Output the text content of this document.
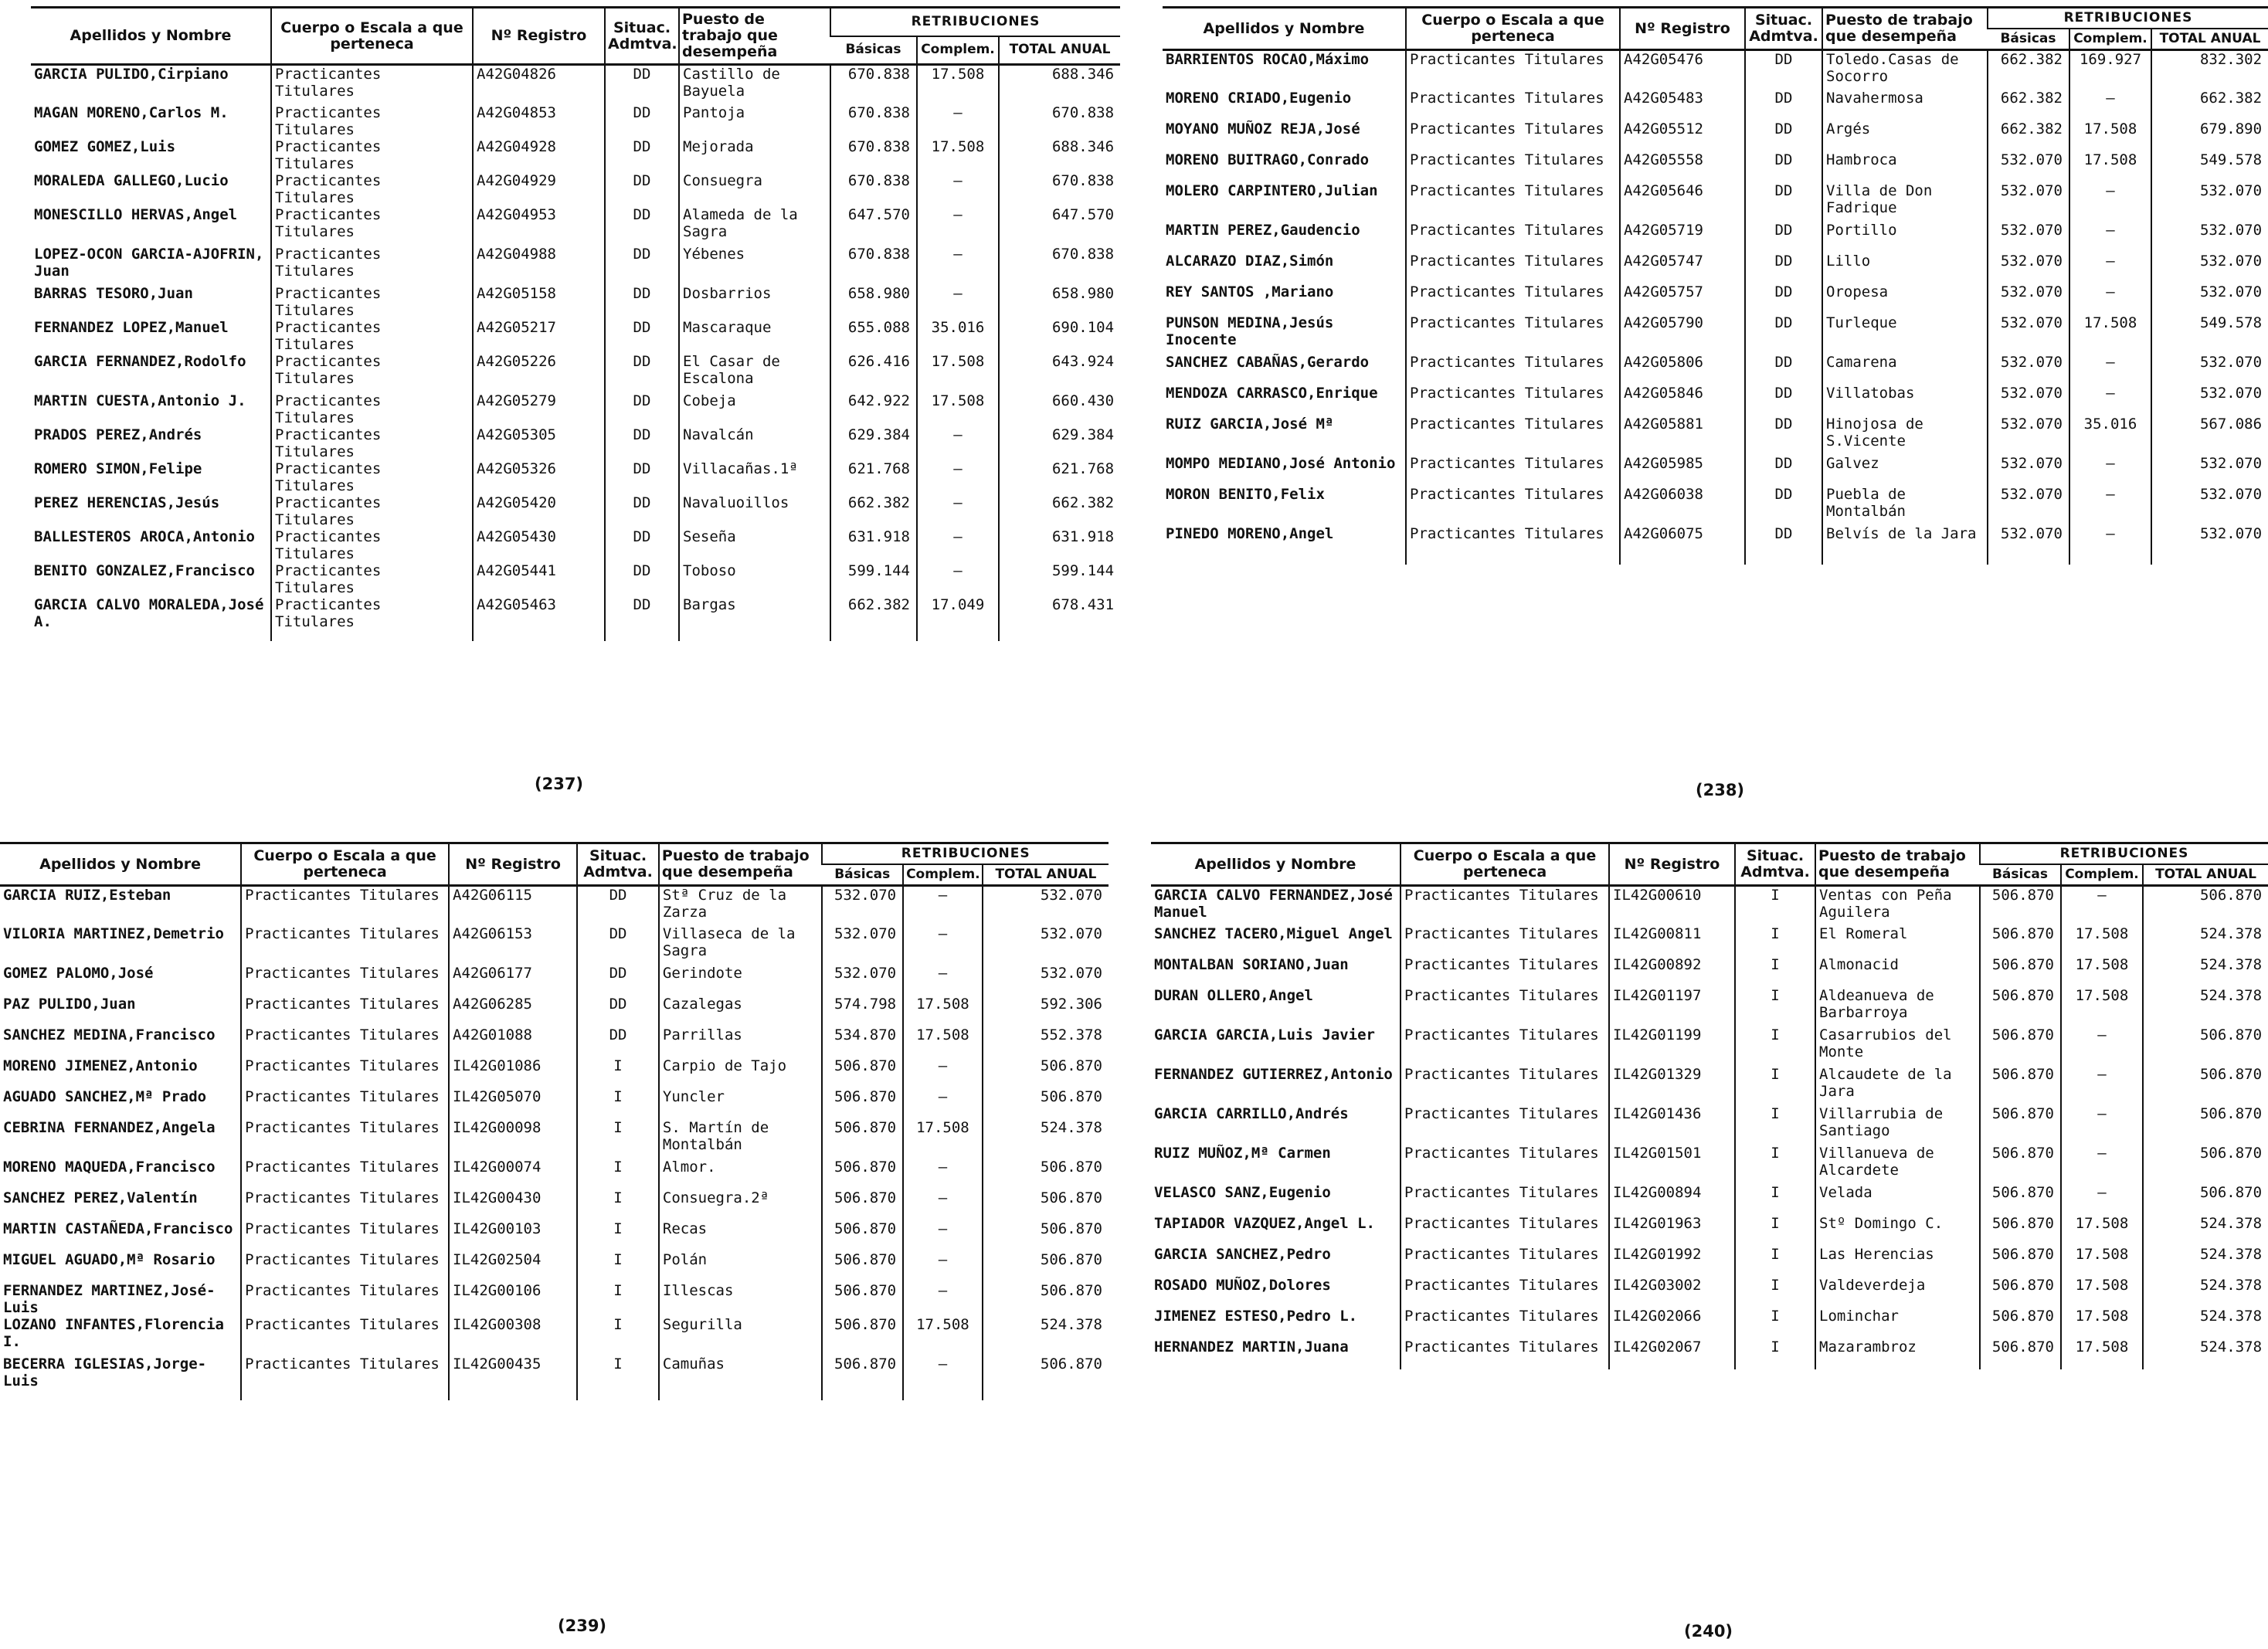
Apellidos y Nombre	Cuerpo o Escala a que perteneca	Nº Registro	Situac. Admtva.	Puesto de trabajo que desempeña	RETRIBUCIONES		
					Básicas	Complem.	TOTAL ANUAL
GARCIA PULIDO,Cirpiano	Practicantes Titulares	A42G04826	DD	Castillo de Bayuela	670.838	17.508	688.346
MAGAN MORENO,Carlos M.	Practicantes Titulares	A42G04853	DD	Pantoja	670.838	–	670.838
GOMEZ GOMEZ,Luis	Practicantes Titulares	A42G04928	DD	Mejorada	670.838	17.508	688.346
MORALEDA GALLEGO,Lucio	Practicantes Titulares	A42G04929	DD	Consuegra	670.838	–	670.838
MONESCILLO HERVAS,Angel	Practicantes Titulares	A42G04953	DD	Alameda de la Sagra	647.570	–	647.570
LOPEZ-OCON GARCIA-AJOFRIN, Juan	Practicantes Titulares	A42G04988	DD	Yébenes	670.838	–	670.838
BARRAS TESORO,Juan	Practicantes Titulares	A42G05158	DD	Dosbarrios	658.980	–	658.980
FERNANDEZ LOPEZ,Manuel	Practicantes Titulares	A42G05217	DD	Mascaraque	655.088	35.016	690.104
GARCIA FERNANDEZ,Rodolfo	Practicantes Titulares	A42G05226	DD	El Casar de Escalona	626.416	17.508	643.924
MARTIN CUESTA,Antonio J.	Practicantes Titulares	A42G05279	DD	Cobeja	642.922	17.508	660.430
PRADOS PEREZ,Andrés	Practicantes Titulares	A42G05305	DD	Navalcán	629.384	–	629.384
ROMERO SIMON,Felipe	Practicantes Titulares	A42G05326	DD	Villacañas.1ª	621.768	–	621.768
PEREZ HERENCIAS,Jesús	Practicantes Titulares	A42G05420	DD	Navaluoillos	662.382	–	662.382
BALLESTEROS AROCA,Antonio	Practicantes Titulares	A42G05430	DD	Seseña	631.918	–	631.918
BENITO GONZALEZ,Francisco	Practicantes Titulares	A42G05441	DD	Toboso	599.144	–	599.144
GARCIA CALVO MORALEDA,José A.	Practicantes Titulares	A42G05463	DD	Bargas	662.382	17.049	678.431
(237)
Apellidos y Nombre	Cuerpo o Escala a que perteneca	Nº Registro	Situac. Admtva.	Puesto de trabajo que desempeña	RETRIBUCIONES		
					Básicas	Complem.	TOTAL ANUAL
BARRIENTOS ROCAO,Máximo	Practicantes Titulares	A42G05476	DD	Toledo.Casas de Socorro	662.382	169.927	832.302
MORENO CRIADO,Eugenio	Practicantes Titulares	A42G05483	DD	Navahermosa	662.382	–	662.382
MOYANO MUÑOZ REJA,José	Practicantes Titulares	A42G05512	DD	Argés	662.382	17.508	679.890
MORENO BUITRAGO,Conrado	Practicantes Titulares	A42G05558	DD	Hambroca	532.070	17.508	549.578
MOLERO CARPINTERO,Julian	Practicantes Titulares	A42G05646	DD	Villa de Don Fadrique	532.070	–	532.070
MARTIN PEREZ,Gaudencio	Practicantes Titulares	A42G05719	DD	Portillo	532.070	–	532.070
ALCARAZO DIAZ,Simón	Practicantes Titulares	A42G05747	DD	Lillo	532.070	–	532.070
REY SANTOS ,Mariano	Practicantes Titulares	A42G05757	DD	Oropesa	532.070	–	532.070
PUNSON MEDINA,Jesús Inocente	Practicantes Titulares	A42G05790	DD	Turleque	532.070	17.508	549.578
SANCHEZ CABAÑAS,Gerardo	Practicantes Titulares	A42G05806	DD	Camarena	532.070	–	532.070
MENDOZA CARRASCO,Enrique	Practicantes Titulares	A42G05846	DD	Villatobas	532.070	–	532.070
RUIZ GARCIA,José Mª	Practicantes Titulares	A42G05881	DD	Hinojosa de S.Vicente	532.070	35.016	567.086
MOMPO MEDIANO,José Antonio	Practicantes Titulares	A42G05985	DD	Galvez	532.070	–	532.070
MORON BENITO,Felix	Practicantes Titulares	A42G06038	DD	Puebla de Montalbán	532.070	–	532.070
PINEDO MORENO,Angel	Practicantes Titulares	A42G06075	DD	Belvís de la Jara	532.070	–	532.070
(238)
Apellidos y Nombre	Cuerpo o Escala a que perteneca	Nº Registro	Situac. Admtva.	Puesto de trabajo que desempeña	RETRIBUCIONES		
					Básicas	Complem.	TOTAL ANUAL
GARCIA RUIZ,Esteban	Practicantes Titulares	A42G06115	DD	Stª Cruz de la Zarza	532.070	–	532.070
VILORIA MARTINEZ,Demetrio	Practicantes Titulares	A42G06153	DD	Villaseca de la Sagra	532.070	–	532.070
GOMEZ PALOMO,José	Practicantes Titulares	A42G06177	DD	Gerindote	532.070	–	532.070
PAZ PULIDO,Juan	Practicantes Titulares	A42G06285	DD	Cazalegas	574.798	17.508	592.306
SANCHEZ MEDINA,Francisco	Practicantes Titulares	A42G01088	DD	Parrillas	534.870	17.508	552.378
MORENO JIMENEZ,Antonio	Practicantes Titulares	IL42G01086	I	Carpio de Tajo	506.870	–	506.870
AGUADO SANCHEZ,Mª Prado	Practicantes Titulares	IL42G05070	I	Yuncler	506.870	–	506.870
CEBRINA FERNANDEZ,Angela	Practicantes Titulares	IL42G00098	I	S. Martín de Montalbán	506.870	17.508	524.378
MORENO MAQUEDA,Francisco	Practicantes Titulares	IL42G00074	I	Almor.	506.870	–	506.870
SANCHEZ PEREZ,Valentín	Practicantes Titulares	IL42G00430	I	Consuegra.2ª	506.870	–	506.870
MARTIN CASTAÑEDA,Francisco	Practicantes Titulares	IL42G00103	I	Recas	506.870	–	506.870
MIGUEL AGUADO,Mª Rosario	Practicantes Titulares	IL42G02504	I	Polán	506.870	–	506.870
FERNANDEZ MARTINEZ,José-Luis	Practicantes Titulares	IL42G00106	I	Illescas	506.870	–	506.870
LOZANO INFANTES,Florencia I.	Practicantes Titulares	IL42G00308	I	Segurilla	506.870	17.508	524.378
BECERRA IGLESIAS,Jorge-Luis	Practicantes Titulares	IL42G00435	I	Camuñas	506.870	–	506.870
(239)
Apellidos y Nombre	Cuerpo o Escala a que perteneca	Nº Registro	Situac. Admtva.	Puesto de trabajo que desempeña	RETRIBUCIONES		
					Básicas	Complem.	TOTAL ANUAL
GARCIA CALVO FERNANDEZ,José Manuel	Practicantes Titulares	IL42G00610	I	Ventas con Peña Aguilera	506.870	–	506.870
SANCHEZ TACERO,Miguel Angel	Practicantes Titulares	IL42G00811	I	El Romeral	506.870	17.508	524.378
MONTALBAN SORIANO,Juan	Practicantes Titulares	IL42G00892	I	Almonacid	506.870	17.508	524.378
DURAN OLLERO,Angel	Practicantes Titulares	IL42G01197	I	Aldeanueva de Barbarroya	506.870	17.508	524.378
GARCIA GARCIA,Luis Javier	Practicantes Titulares	IL42G01199	I	Casarrubios del Monte	506.870	–	506.870
FERNANDEZ GUTIERREZ,Antonio	Practicantes Titulares	IL42G01329	I	Alcaudete de la Jara	506.870	–	506.870
GARCIA CARRILLO,Andrés	Practicantes Titulares	IL42G01436	I	Villarrubia de Santiago	506.870	–	506.870
RUIZ MUÑOZ,Mª Carmen	Practicantes Titulares	IL42G01501	I	Villanueva de Alcardete	506.870	–	506.870
VELASCO SANZ,Eugenio	Practicantes Titulares	IL42G00894	I	Velada	506.870	–	506.870
TAPIADOR VAZQUEZ,Angel L.	Practicantes Titulares	IL42G01963	I	Stº Domingo C.	506.870	17.508	524.378
GARCIA SANCHEZ,Pedro	Practicantes Titulares	IL42G01992	I	Las Herencias	506.870	17.508	524.378
ROSADO MUÑOZ,Dolores	Practicantes Titulares	IL42G03002	I	Valdeverdeja	506.870	17.508	524.378
JIMENEZ ESTESO,Pedro L.	Practicantes Titulares	IL42G02066	I	Lominchar	506.870	17.508	524.378
HERNANDEZ MARTIN,Juana	Practicantes Titulares	IL42G02067	I	Mazarambroz	506.870	17.508	524.378
(240)
